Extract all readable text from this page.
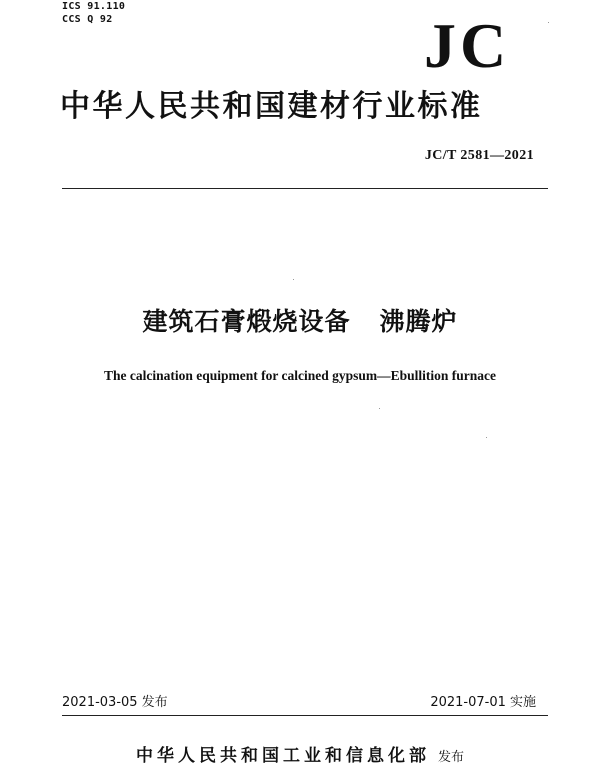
ICS 91.110
CCS Q 92	JC
中华人民共和国建材行业标准
JC/T 2581—2021
建筑石膏煅烧设备   沸腾炉
The calcination equipment for calcined gypsum—Ebullition furnace
2021-03-05 发布	2021-07-01 实施
中华人民共和国工业和信息化部 发布
